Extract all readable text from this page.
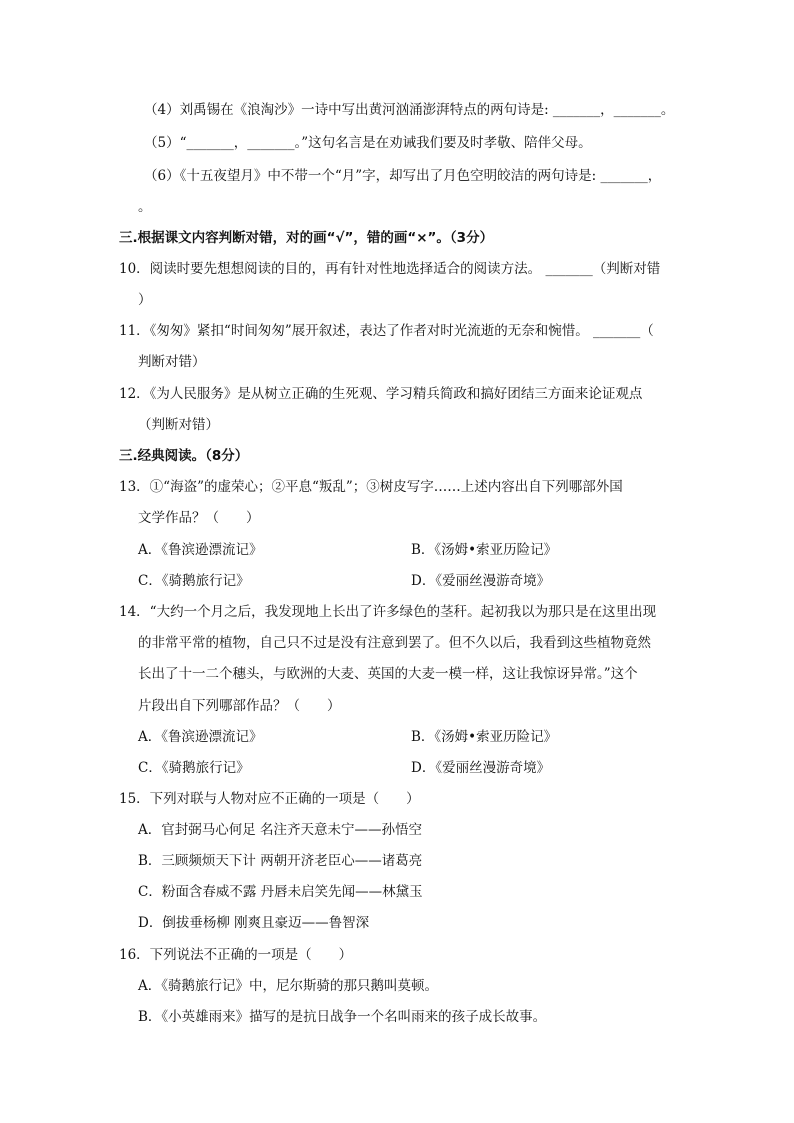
（4）刘禹锡在《浪淘沙》一诗中写出黄河汹涌澎湃特点的两句诗是: _______，_______。
（5）“_______，_______。”这句名言是在劝诫我们要及时孝敬、陪伴父母。
（6）《十五夜望月》中不带一个“月”字，却写出了月色空明皎洁的两句诗是: _______，
。
三.根据课文内容判断对错，对的画“√”，错的画“×”。（3分）
10．阅读时要先想想阅读的目的，再有针对性地选择适合的阅读方法。 _______（判断对错
）
11．《匆匆》紧扣“时间匆匆”展开叙述，表达了作者对时光流逝的无奈和惋惜。 _______（
判断对错）
12．《为人民服务》是从树立正确的生死观、学习精兵简政和搞好团结三方面来论证观点
（判断对错）
三.经典阅读。（8分）
13．①“海盗”的虚荣心；②平息“叛乱”；③树皮写字……上述内容出自下列哪部外国
文学作品？（　　）
A．《鲁滨逊漂流记》	B．《汤姆•索亚历险记》
C．《骑鹅旅行记》	D．《爱丽丝漫游奇境》
14．“大约一个月之后，我发现地上长出了许多绿色的茎秆。起初我以为那只是在这里出现
的非常平常的植物，自己只不过是没有注意到罢了。但不久以后，我看到这些植物竟然
长出了十一二个穗头，与欧洲的大麦、英国的大麦一模一样，这让我惊讶异常。”这个
片段出自下列哪部作品？（　　）
A．《鲁滨逊漂流记》	B．《汤姆•索亚历险记》
C．《骑鹅旅行记》	D．《爱丽丝漫游奇境》
15．下列对联与人物对应不正确的一项是（　　）
A．官封弼马心何足 名注齐天意未宁——孙悟空
B．三顾频烦天下计 两朝开济老臣心——诸葛亮
C．粉面含春威不露 丹唇未启笑先闻——林黛玉
D．倒拔垂杨柳 刚爽且豪迈——鲁智深
16．下列说法不正确的一项是（　　）
A．《骑鹅旅行记》中，尼尔斯骑的那只鹅叫莫顿。
B．《小英雄雨来》描写的是抗日战争一个名叫雨来的孩子成长故事。
